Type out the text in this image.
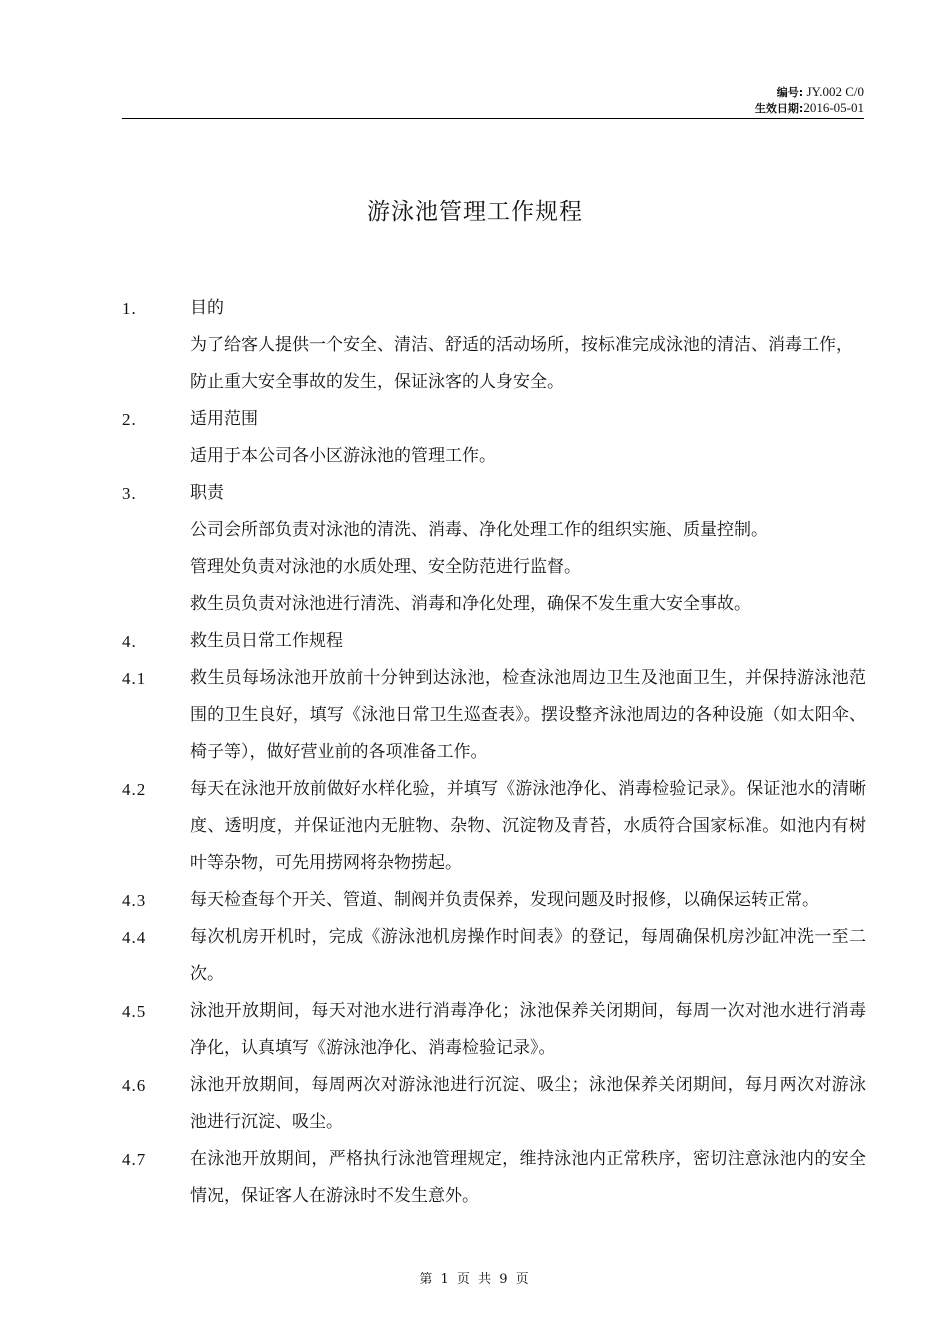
编号: JY.002 C/0
生效日期:2016-05-01
游泳池管理工作规程
1.	目的
为了给客人提供一个安全、清洁、舒适的活动场所，按标准完成泳池的清洁、消毒工作，防止重大安全事故的发生，保证泳客的人身安全。
2.	适用范围
适用于本公司各小区游泳池的管理工作。
3.	职责
公司会所部负责对泳池的清洗、消毒、净化处理工作的组织实施、质量控制。
管理处负责对泳池的水质处理、安全防范进行监督。
救生员负责对泳池进行清洗、消毒和净化处理，确保不发生重大安全事故。
4.	救生员日常工作规程
4.1	救生员每场泳池开放前十分钟到达泳池，检查泳池周边卫生及池面卫生，并保持游泳池范围的卫生良好，填写《泳池日常卫生巡查表》。摆设整齐泳池周边的各种设施（如太阳伞、椅子等），做好营业前的各项准备工作。
4.2	每天在泳池开放前做好水样化验，并填写《游泳池净化、消毒检验记录》。保证池水的清晰度、透明度，并保证池内无脏物、杂物、沉淀物及青苔，水质符合国家标准。如池内有树叶等杂物，可先用捞网将杂物捞起。
4.3	每天检查每个开关、管道、制阀并负责保养，发现问题及时报修，以确保运转正常。
4.4	每次机房开机时，完成《游泳池机房操作时间表》的登记，每周确保机房沙缸冲洗一至二次。
4.5	泳池开放期间，每天对池水进行消毒净化；泳池保养关闭期间，每周一次对池水进行消毒净化，认真填写《游泳池净化、消毒检验记录》。
4.6	泳池开放期间，每周两次对游泳池进行沉淀、吸尘；泳池保养关闭期间，每月两次对游泳池进行沉淀、吸尘。
4.7	在泳池开放期间，严格执行泳池管理规定，维持泳池内正常秩序，密切注意泳池内的安全情况，保证客人在游泳时不发生意外。
第 1 页 共 9 页
